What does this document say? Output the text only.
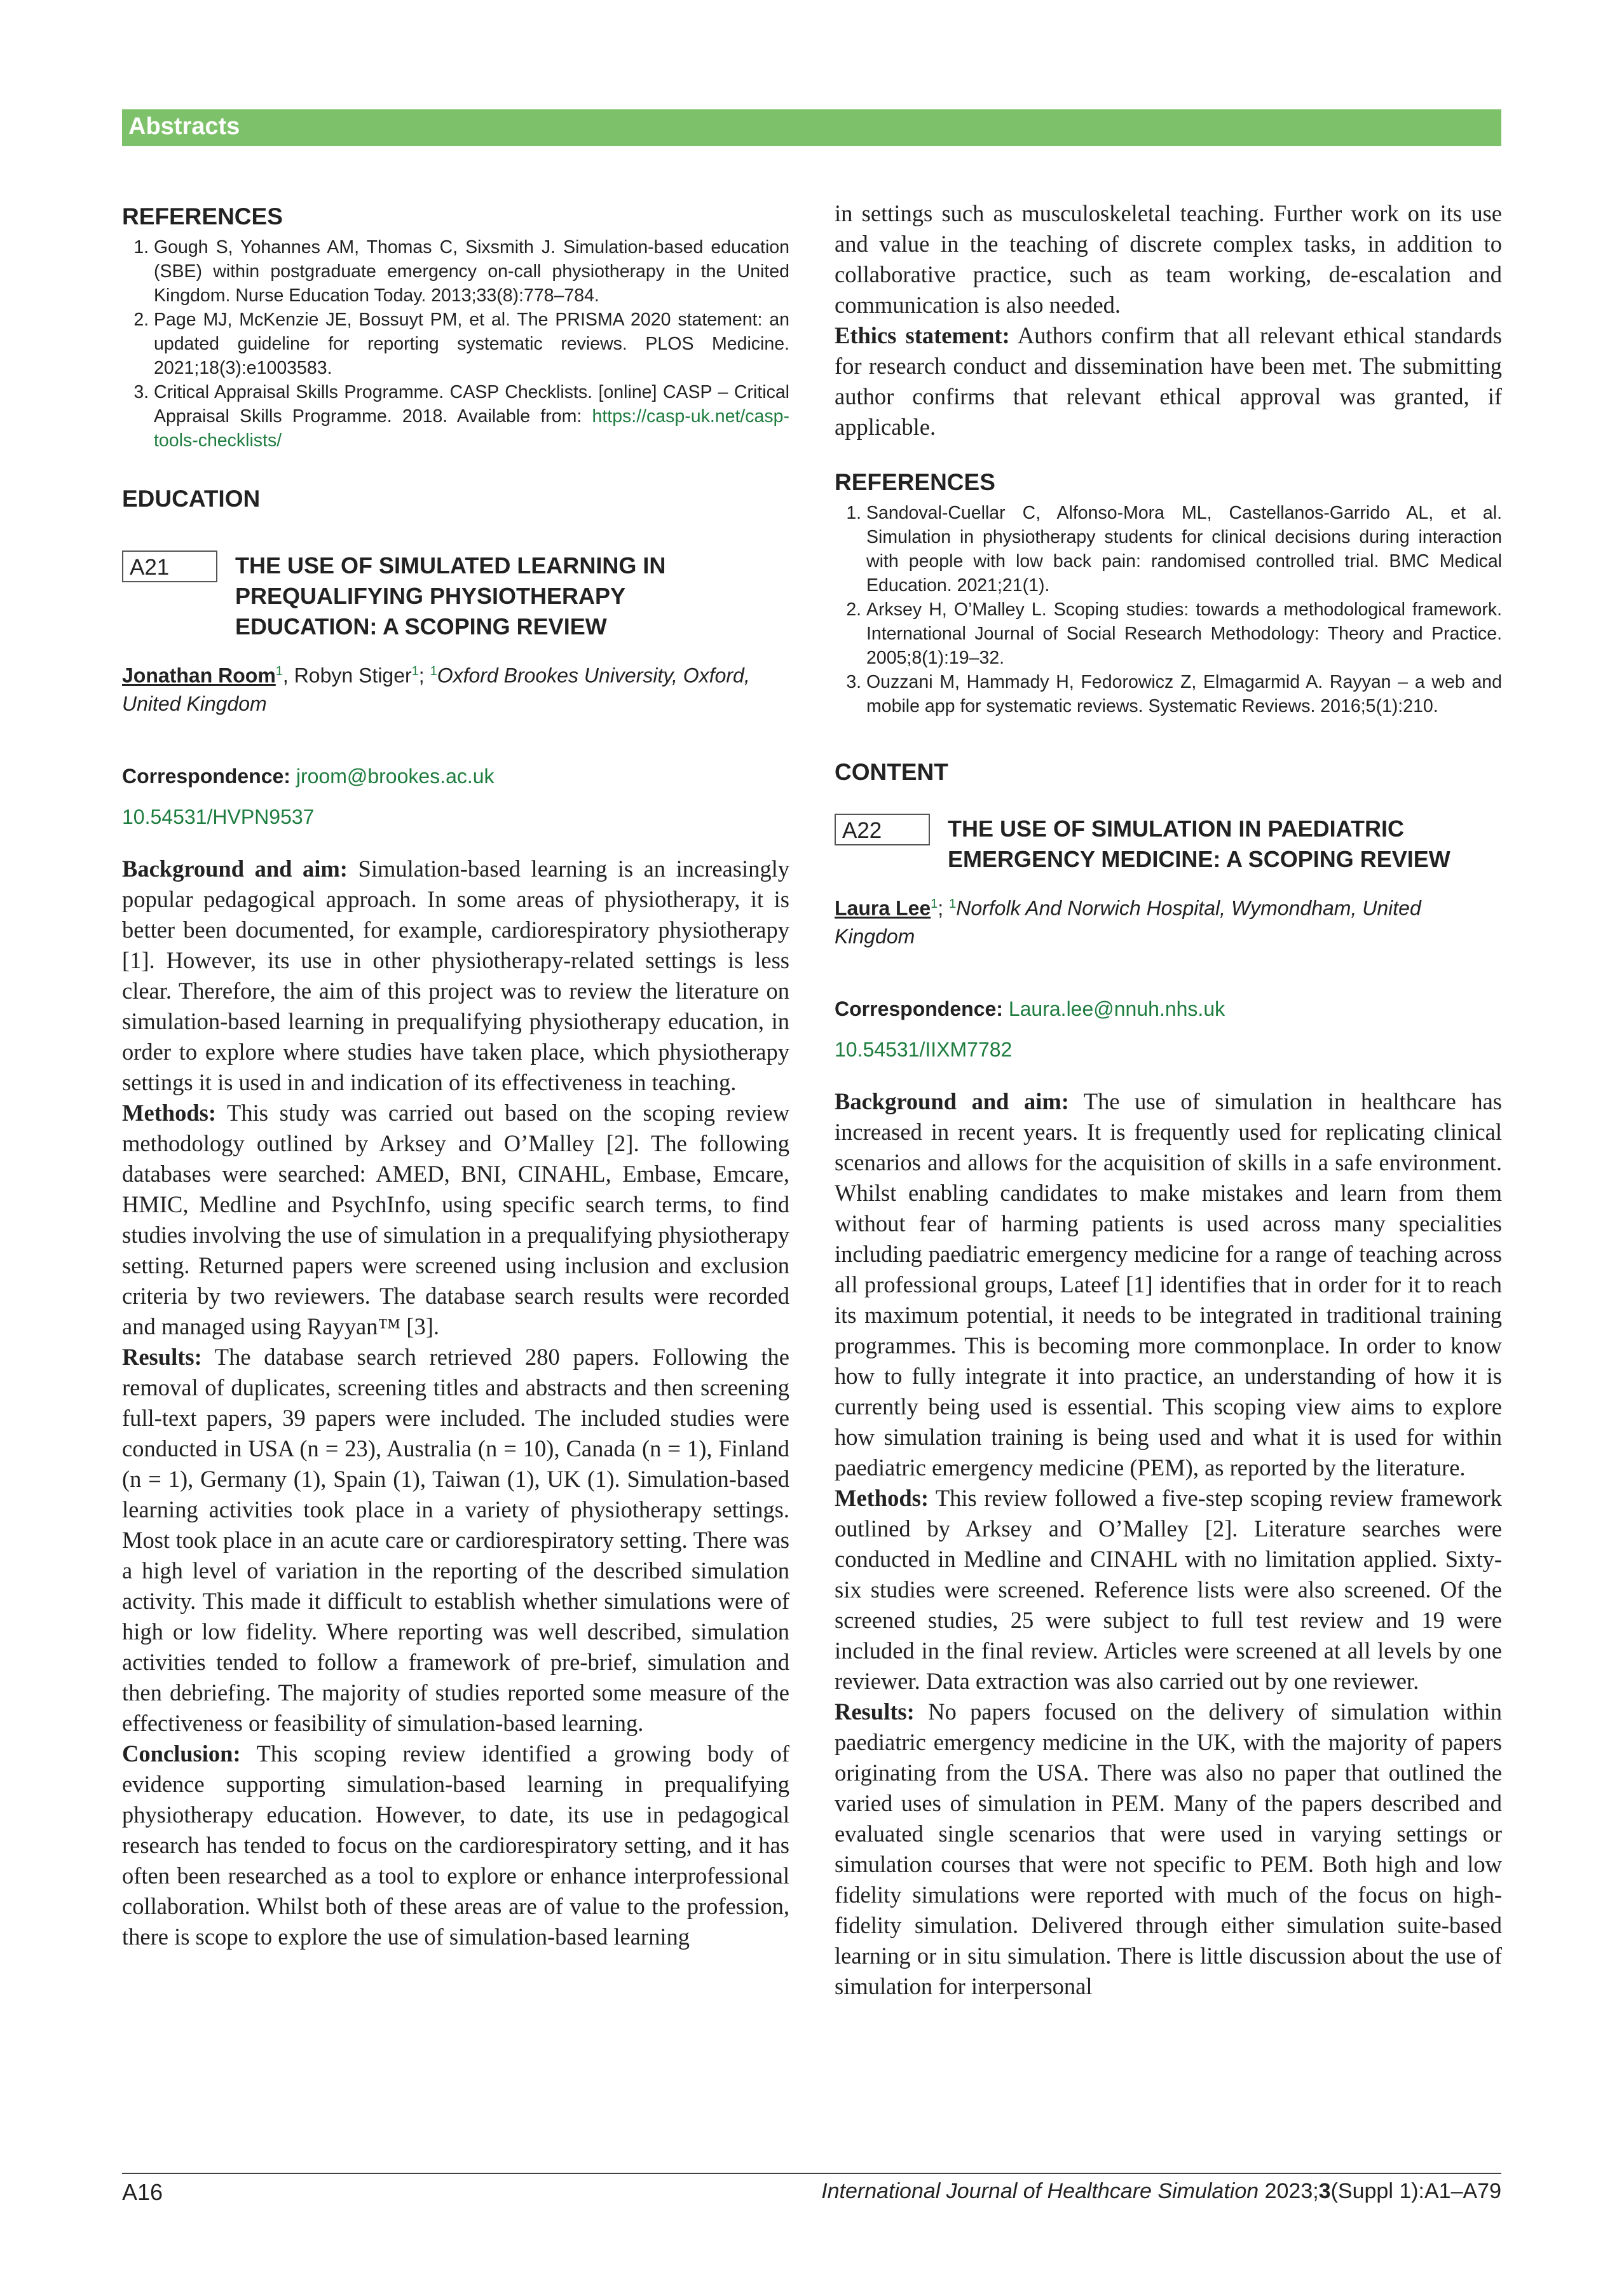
Abstracts
REFERENCES
1. Gough S, Yohannes AM, Thomas C, Sixsmith J. Simulation-based education (SBE) within postgraduate emergency on-call physiotherapy in the United Kingdom. Nurse Education Today. 2013;33(8):778–784.
2. Page MJ, McKenzie JE, Bossuyt PM, et al. The PRISMA 2020 statement: an updated guideline for reporting systematic reviews. PLOS Medicine. 2021;18(3):e1003583.
3. Critical Appraisal Skills Programme. CASP Checklists. [online] CASP – Critical Appraisal Skills Programme. 2018. Available from: https://casp-uk.net/casp-tools-checklists/
EDUCATION
A21	THE USE OF SIMULATED LEARNING IN PREQUALIFYING PHYSIOTHERAPY EDUCATION: A SCOPING REVIEW
Jonathan Room$^1$, Robyn Stiger$^1$; $^1$Oxford Brookes University, Oxford, United Kingdom
Correspondence: jroom@brookes.ac.uk
10.54531/HVPN9537

Background and aim: Simulation-based learning is an increasingly popular pedagogical approach. In some areas of physiotherapy, it is better been documented, for example, cardiorespiratory physiotherapy [1]. However, its use in other physiotherapy-related settings is less clear. Therefore, the aim of this project was to review the literature on simulation-based learning in prequalifying physiotherapy education, in order to explore where studies have taken place, which physiotherapy settings it is used in and indication of its effectiveness in teaching.

Methods: This study was carried out based on the scoping review methodology outlined by Arksey and O’Malley [2]. The following databases were searched: AMED, BNI, CINAHL, Embase, Emcare, HMIC, Medline and PsychInfo, using specific search terms, to find studies involving the use of simulation in a prequalifying physiotherapy setting. Returned papers were screened using inclusion and exclusion criteria by two reviewers. The database search results were recorded and managed using Rayyan™ [3].

Results: The database search retrieved 280 papers. Following the removal of duplicates, screening titles and abstracts and then screening full-text papers, 39 papers were included. The included studies were conducted in USA (n = 23), Australia (n = 10), Canada (n = 1), Finland (n = 1), Germany (1), Spain (1), Taiwan (1), UK (1). Simulation-based learning activities took place in a variety of physiotherapy settings. Most took place in an acute care or cardiorespiratory setting. There was a high level of variation in the reporting of the described simulation activity. This made it difficult to establish whether simulations were of high or low fidelity. Where reporting was well described, simulation activities tended to follow a framework of pre-brief, simulation and then debriefing. The majority of studies reported some measure of the effectiveness or feasibility of simulation-based learning.

Conclusion: This scoping review identified a growing body of evidence supporting simulation-based learning in prequalifying physiotherapy education. However, to date, its use in pedagogical research has tended to focus on the cardiorespiratory setting, and it has often been researched as a tool to explore or enhance interprofessional collaboration. Whilst both of these areas are of value to the profession, there is scope to explore the use of simulation-based learning

in settings such as musculoskeletal teaching. Further work on its use and value in the teaching of discrete complex tasks, in addition to collaborative practice, such as team working, de-escalation and communication is also needed.

Ethics statement: Authors confirm that all relevant ethical standards for research conduct and dissemination have been met. The submitting author confirms that relevant ethical approval was granted, if applicable.

REFERENCES
1. Sandoval-Cuellar C, Alfonso-Mora ML, Castellanos-Garrido AL, et al. Simulation in physiotherapy students for clinical decisions during interaction with people with low back pain: randomised controlled trial. BMC Medical Education. 2021;21(1).
2. Arksey H, O’Malley L. Scoping studies: towards a methodological framework. International Journal of Social Research Methodology: Theory and Practice. 2005;8(1):19–32.
3. Ouzzani M, Hammady H, Fedorowicz Z, Elmagarmid A. Rayyan – a web and mobile app for systematic reviews. Systematic Reviews. 2016;5(1):210.
CONTENT
A22	THE USE OF SIMULATION IN PAEDIATRIC EMERGENCY MEDICINE: A SCOPING REVIEW
Laura Lee$^1$; $^1$Norfolk And Norwich Hospital, Wymondham, United Kingdom
Correspondence: Laura.lee@nnuh.nhs.uk
10.54531/IIXM7782

Background and aim: The use of simulation in healthcare has increased in recent years. It is frequently used for replicating clinical scenarios and allows for the acquisition of skills in a safe environment. Whilst enabling candidates to make mistakes and learn from them without fear of harming patients is used across many specialities including paediatric emergency medicine for a range of teaching across all professional groups, Lateef [1] identifies that in order for it to reach its maximum potential, it needs to be integrated in traditional training programmes. This is becoming more commonplace. In order to know how to fully integrate it into practice, an understanding of how it is currently being used is essential. This scoping view aims to explore how simulation training is being used and what it is used for within paediatric emergency medicine (PEM), as reported by the literature.

Methods: This review followed a five-step scoping review framework outlined by Arksey and O’Malley [2]. Literature searches were conducted in Medline and CINAHL with no limitation applied. Sixty-six studies were screened. Reference lists were also screened. Of the screened studies, 25 were subject to full test review and 19 were included in the final review. Articles were screened at all levels by one reviewer. Data extraction was also carried out by one reviewer.

Results: No papers focused on the delivery of simulation within paediatric emergency medicine in the UK, with the majority of papers originating from the USA. There was also no paper that outlined the varied uses of simulation in PEM. Many of the papers described and evaluated single scenarios that were used in varying settings or simulation courses that were not specific to PEM. Both high and low fidelity simulations were reported with much of the focus on high-fidelity simulation. Delivered through either simulation suite-based learning or in situ simulation. There is little discussion about the use of simulation for interpersonal

A16	International Journal of Healthcare Simulation 2023;3(Suppl 1):A1–A79
